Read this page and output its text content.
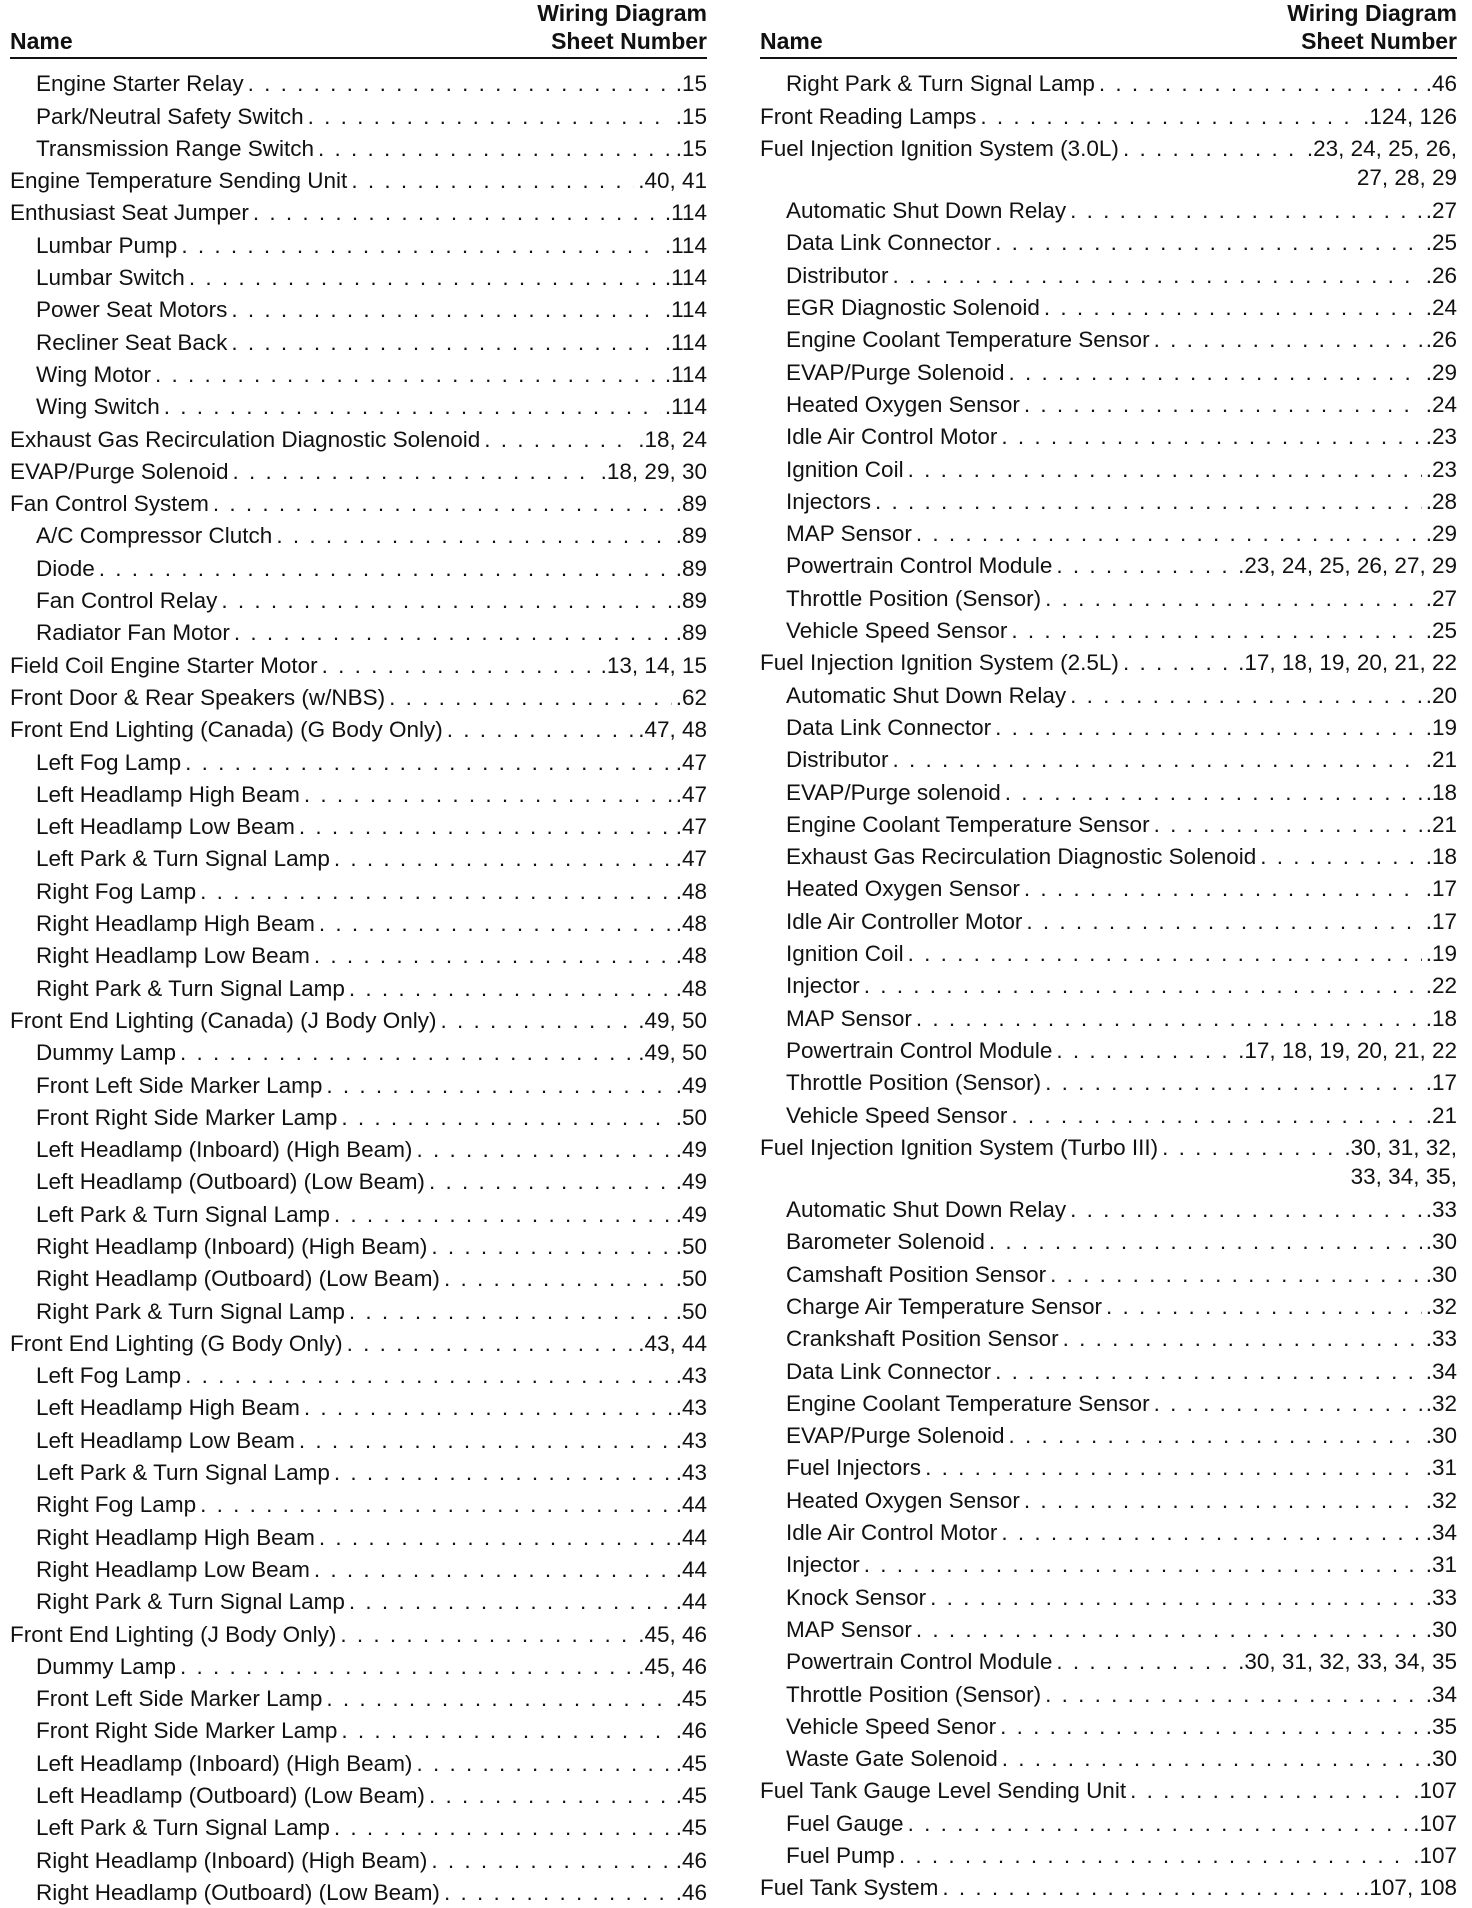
Name
Wiring Diagram
Sheet Number
Engine Starter Relay . . .	.15
Park/Neutral Safety Switch . . .	.15
Transmission Range Switch . . .	.15
Engine Temperature Sending Unit . . .	.40, 41
Enthusiast Seat Jumper . . .	.114
Lumbar Pump . . .	.114
Lumbar Switch . . .	.114
Power Seat Motors . . .	.114
Recliner Seat Back . . .	.114
Wing Motor . . .	.114
Wing Switch . . .	.114
Exhaust Gas Recirculation Diagnostic Solenoid . . .	.18, 24
EVAP/Purge Solenoid . . .	.18, 29, 30
Fan Control System . . .	.89
A/C Compressor Clutch . . .	.89
Diode . . .	.89
Fan Control Relay . . .	.89
Radiator Fan Motor . . .	.89
Field Coil Engine Starter Motor . . .	.13, 14, 15
Front Door & Rear Speakers (w/NBS) . . .	.62
Front End Lighting (Canada) (G Body Only) . . .	.47, 48
Left Fog Lamp . . .	.47
Left Headlamp High Beam . . .	.47
Left Headlamp Low Beam . . .	.47
Left Park & Turn Signal Lamp . . .	.47
Right Fog Lamp . . .	.48
Right Headlamp High Beam . . .	.48
Right Headlamp Low Beam . . .	.48
Right Park & Turn Signal Lamp . . .	.48
Front End Lighting (Canada) (J Body Only) . . .	.49, 50
Dummy Lamp . . .	.49, 50
Front Left Side Marker Lamp . . .	.49
Front Right Side Marker Lamp . . .	.50
Left Headlamp (Inboard) (High Beam) . . .	.49
Left Headlamp (Outboard) (Low Beam) . . .	.49
Left Park & Turn Signal Lamp . . .	.49
Right Headlamp (Inboard) (High Beam) . . .	.50
Right Headlamp (Outboard) (Low Beam) . . .	.50
Right Park & Turn Signal Lamp . . .	.50
Front End Lighting (G Body Only) . . .	.43, 44
Left Fog Lamp . . .	.43
Left Headlamp High Beam . . .	.43
Left Headlamp Low Beam . . .	.43
Left Park & Turn Signal Lamp . . .	.43
Right Fog Lamp . . .	.44
Right Headlamp High Beam . . .	.44
Right Headlamp Low Beam . . .	.44
Right Park & Turn Signal Lamp . . .	.44
Front End Lighting (J Body Only) . . .	.45, 46
Dummy Lamp . . .	.45, 46
Front Left Side Marker Lamp . . .	.45
Front Right Side Marker Lamp . . .	.46
Left Headlamp (Inboard) (High Beam) . . .	.45
Left Headlamp (Outboard) (Low Beam) . . .	.45
Left Park & Turn Signal Lamp . . .	.45
Right Headlamp (Inboard) (High Beam) . . .	.46
Right Headlamp (Outboard) (Low Beam) . . .	.46
Name
Wiring Diagram
Sheet Number
Right Park & Turn Signal Lamp . . .	.46
Front Reading Lamps . . .	.124, 126
Fuel Injection Ignition System (3.0L) . . .	.23, 24, 25, 26,
27, 28, 29
Automatic Shut Down Relay . . .	.27
Data Link Connector . . .	.25
Distributor . . .	.26
EGR Diagnostic Solenoid . . .	.24
Engine Coolant Temperature Sensor . . .	.26
EVAP/Purge Solenoid . . .	.29
Heated Oxygen Sensor . . .	.24
Idle Air Control Motor . . .	.23
Ignition Coil . . .	.23
Injectors . . .	.28
MAP Sensor . . .	.29
Powertrain Control Module . . .	.23, 24, 25, 26, 27, 29
Throttle Position (Sensor) . . .	.27
Vehicle Speed Sensor . . .	.25
Fuel Injection Ignition System (2.5L) . . .	.17, 18, 19, 20, 21, 22
Automatic Shut Down Relay . . .	.20
Data Link Connector . . .	.19
Distributor . . .	.21
EVAP/Purge solenoid . . .	.18
Engine Coolant Temperature Sensor . . .	.21
Exhaust Gas Recirculation Diagnostic Solenoid . . .	.18
Heated Oxygen Sensor . . .	.17
Idle Air Controller Motor . . .	.17
Ignition Coil . . .	.19
Injector . . .	.22
MAP Sensor . . .	.18
Powertrain Control Module . . .	.17, 18, 19, 20, 21, 22
Throttle Position (Sensor) . . .	.17
Vehicle Speed Sensor . . .	.21
Fuel Injection Ignition System (Turbo III) . . .	.30, 31, 32,
33, 34, 35,
Automatic Shut Down Relay . . .	.33
Barometer Solenoid . . .	.30
Camshaft Position Sensor . . .	.30
Charge Air Temperature Sensor . . .	.32
Crankshaft Position Sensor . . .	.33
Data Link Connector . . .	.34
Engine Coolant Temperature Sensor . . .	.32
EVAP/Purge Solenoid . . .	.30
Fuel Injectors . . .	.31
Heated Oxygen Sensor . . .	.32
Idle Air Control Motor . . .	.34
Injector . . .	.31
Knock Sensor . . .	.33
MAP Sensor . . .	.30
Powertrain Control Module . . .	.30, 31, 32, 33, 34, 35
Throttle Position (Sensor) . . .	.34
Vehicle Speed Senor . . .	.35
Waste Gate Solenoid . . .	.30
Fuel Tank Gauge Level Sending Unit . . .	.107
Fuel Gauge . . .	.107
Fuel Pump . . .	.107
Fuel Tank System . . .	.107, 108
